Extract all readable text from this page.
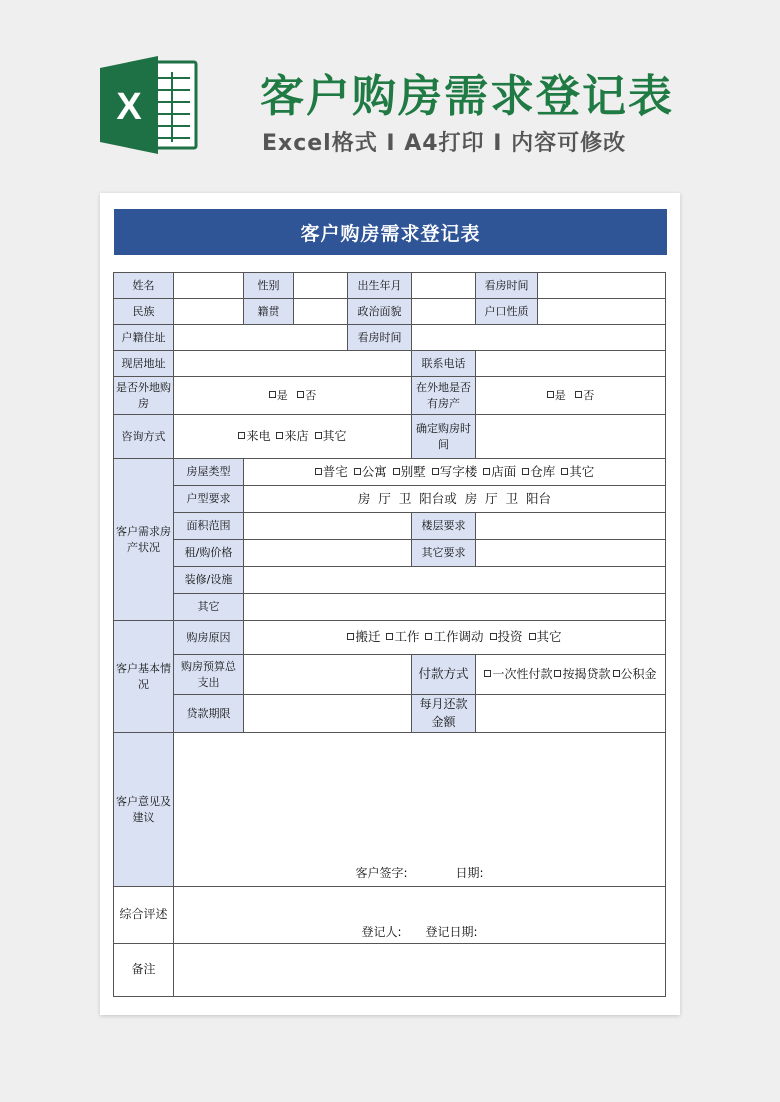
X	客户购房需求登记表
Excel格式 I A4打印 I 内容可修改
客户购房需求登记表
姓名		性别		出生年月		看房时间	
民族		籍贯		政治面貌		户口性质	
户籍住址				看房时间			
现居地址					联系电话		
是否外地购房	是 否				在外地是否有房产	是 否	
咨询方式	来电 来店 其它				确定购房时间		
客户需求房产状况	房屋类型	普宅 公寓 别墅 写字楼 店面 仓库 其它					
	户型要求	房  厅  卫  阳台或  房  厅  卫  阳台					
	面积范围				楼层要求		
	租/购价格				其它要求		
	装修/设施						
	其它						
客户基本情况	购房原因	搬迁 工作 工作调动 投资 其它					
	购房预算总支出				付款方式	一次性付款 按揭贷款 公积金	
	贷款期限				每月还款金额		
客户意见及建议	客户签字: 日期:						
综合评述	登记人: 登记日期:						
备注							
